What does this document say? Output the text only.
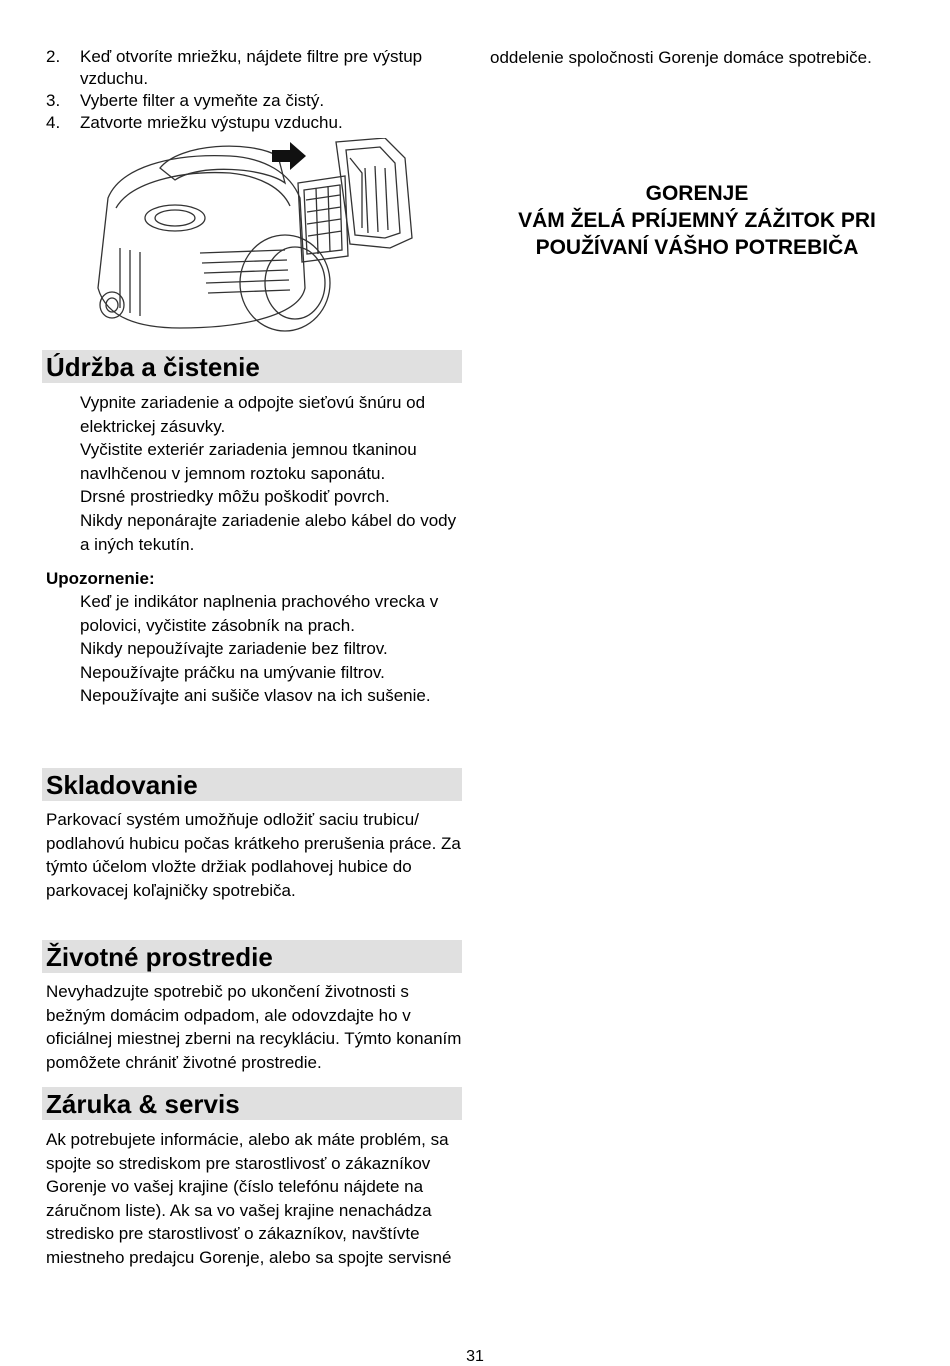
2. Keď otvoríte mriežku, nájdete filtre pre výstup vzduchu.
3. Vyberte filter a vymeňte za čistý.
4. Zatvorte mriežku výstupu vzduchu.
Údržba a čistenie

Vypnite zariadenie a odpojte sieťovú šnúru od elektrickej zásuvky.

Vyčistite exteriér zariadenia jemnou tkaninou navlhčenou v jemnom roztoku saponátu.

Drsné prostriedky môžu poškodiť povrch.

Nikdy neponárajte zariadenie alebo kábel do vody a iných tekutín.

Upozornenie:

Keď je indikátor naplnenia prachového vrecka v polovici, vyčistite zásobník na prach.

Nikdy nepoužívajte zariadenie bez filtrov.

Nepoužívajte práčku na umývanie filtrov.

Nepoužívajte ani sušiče vlasov na ich sušenie.

Skladovanie

Parkovací systém umožňuje odložiť saciu trubicu/ podlahovú hubicu počas krátkeho prerušenia práce. Za týmto účelom vložte držiak podlahovej hubice do parkovacej koľajničky spotrebiča.

Životné prostredie

Nevyhadzujte spotrebič po ukončení životnosti s bežným domácim odpadom, ale odovzdajte ho v oficiálnej miestnej zberni na recykláciu. Týmto konaním pomôžete chrániť životné prostredie.

Záruka & servis

Ak potrebujete informácie, alebo ak máte problém, sa spojte so strediskom pre starostlivosť o zákazníkov Gorenje vo vašej krajine (číslo telefónu nájdete na záručnom liste). Ak sa vo vašej krajine nenachádza stredisko pre starostlivosť o zákazníkov, navštívte miestneho predajcu Gorenje, alebo sa spojte servisné

oddelenie spoločnosti Gorenje domáce spotrebiče.

GORENJE
VÁM ŽELÁ PRÍJEMNÝ ZÁŽITOK PRI
POUŽÍVANÍ VÁŠHO POTREBIČA
31
